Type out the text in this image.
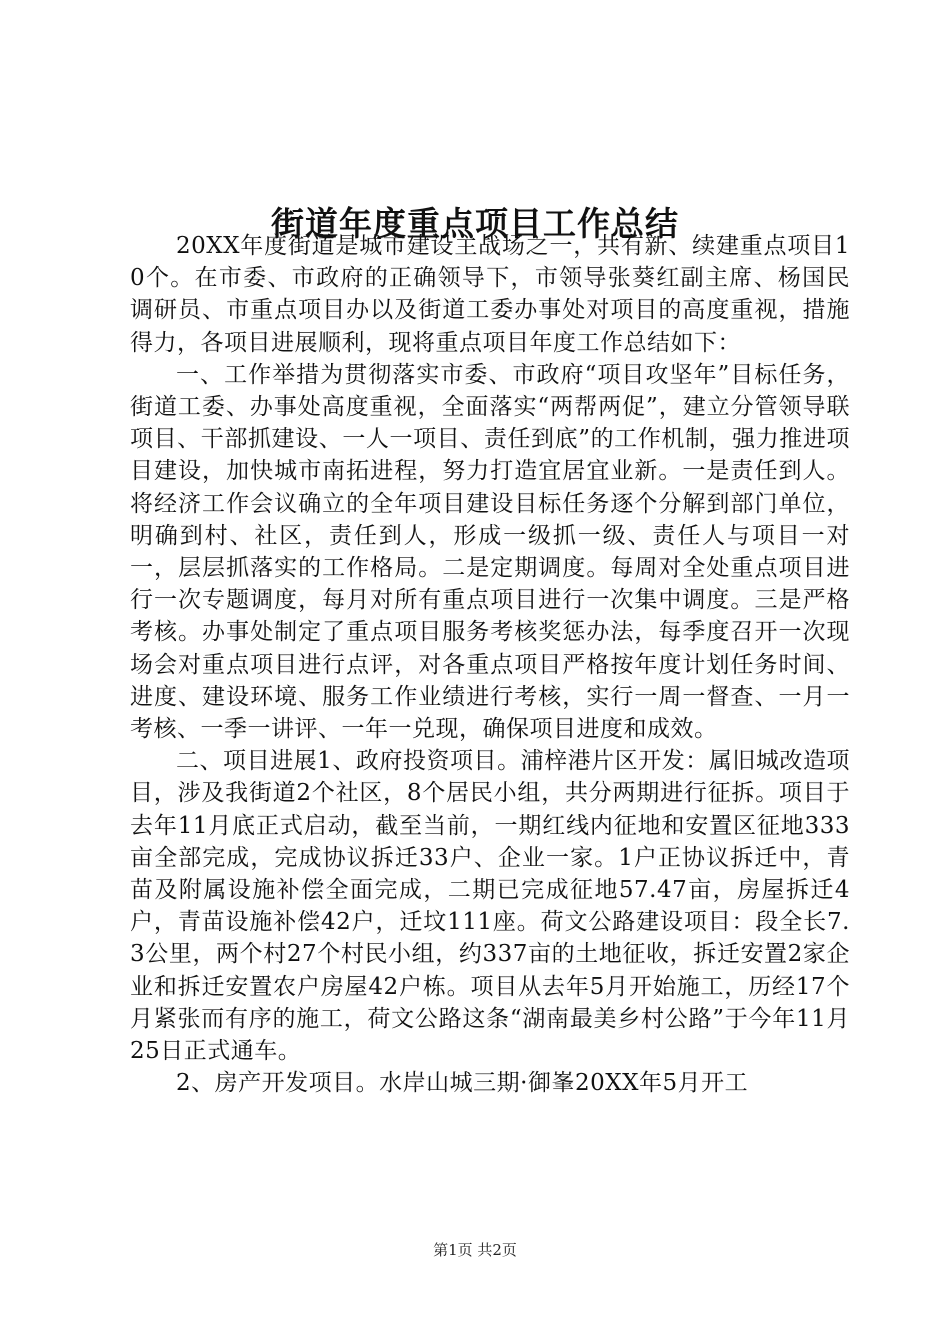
街道年度重点项目工作总结

20XX年度街道是城市建设主战场之一，共有新、续建重点项目10个。在市委、市政府的正确领导下，市领导张葵红副主席、杨国民调研员、市重点项目办以及街道工委办事处对项目的高度重视，措施得力，各项目进展顺利，现将重点项目年度工作总结如下：

一、工作举措为贯彻落实市委、市政府“项目攻坚年”目标任务，街道工委、办事处高度重视，全面落实“两帮两促”，建立分管领导联项目、干部抓建设、一人一项目、责任到底”的工作机制，强力推进项目建设，加快城市南拓进程，努力打造宜居宜业新。一是责任到人。将经济工作会议确立的全年项目建设目标任务逐个分解到部门单位，明确到村、社区，责任到人，形成一级抓一级、责任人与项目一对一，层层抓落实的工作格局。二是定期调度。每周对全处重点项目进行一次专题调度，每月对所有重点项目进行一次集中调度。三是严格考核。办事处制定了重点项目服务考核奖惩办法，每季度召开一次现场会对重点项目进行点评，对各重点项目严格按年度计划任务时间、进度、建设环境、服务工作业绩进行考核，实行一周一督查、一月一考核、一季一讲评、一年一兑现，确保项目进度和成效。

二、项目进展1、政府投资项目。浦梓港片区开发：属旧城改造项目，涉及我街道2个社区，8个居民小组，共分两期进行征拆。项目于去年11月底正式启动，截至当前，一期红线内征地和安置区征地333亩全部完成，完成协议拆迁33户、企业一家。1户正协议拆迁中，青苗及附属设施补偿全面完成，二期已完成征地57.47亩，房屋拆迁4户，青苗设施补偿42户，迁坟111座。荷文公路建设项目：段全长7.3公里，两个村27个村民小组，约337亩的土地征收，拆迁安置2家企业和拆迁安置农户房屋42户栋。项目从去年5月开始施工，历经17个月紧张而有序的施工，荷文公路这条“湖南最美乡村公路”于今年11月25日正式通车。

2、房产开发项目。水岸山城三期·御峯20XX年5月开工

第1页 共2页
